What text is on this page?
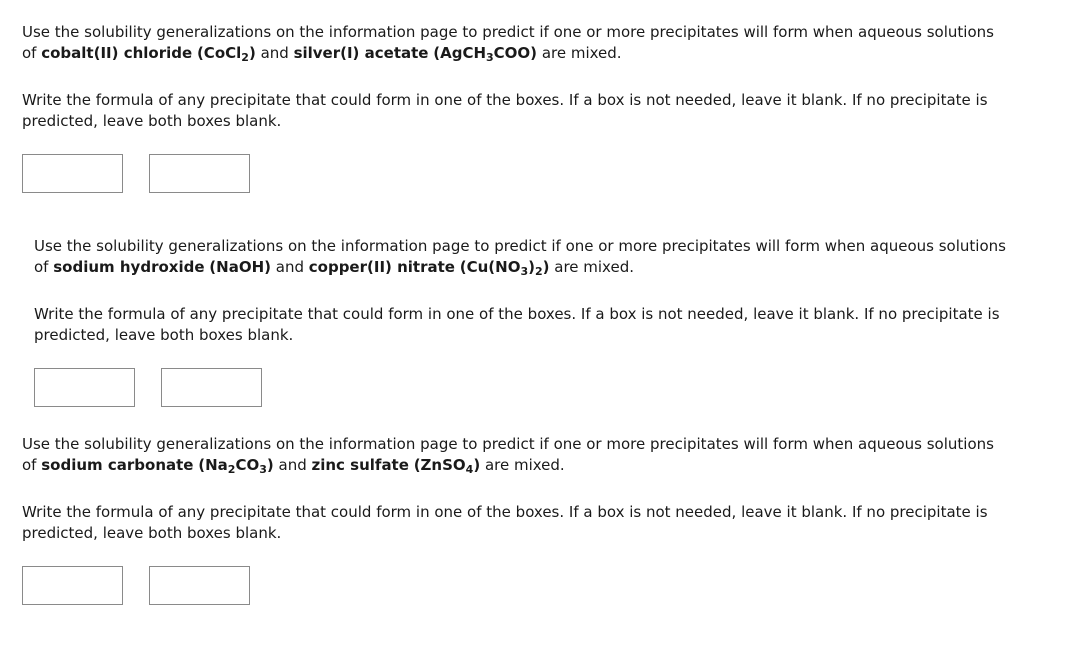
Use the solubility generalizations on the information page to predict if one or more precipitates will form when aqueous solutions of cobalt(II) chloride (CoCl$_2$) and silver(I) acetate (AgCH$_3$COO) are mixed.

Write the formula of any precipitate that could form in one of the boxes. If a box is not needed, leave it blank. If no precipitate is predicted, leave both boxes blank.

Use the solubility generalizations on the information page to predict if one or more precipitates will form when aqueous solutions of sodium hydroxide (NaOH) and copper(II) nitrate $(Cu(NO_3)_2)$ are mixed.

Write the formula of any precipitate that could form in one of the boxes. If a box is not needed, leave it blank. If no precipitate is predicted, leave both boxes blank.

Use the solubility generalizations on the information page to predict if one or more precipitates will form when aqueous solutions of sodium carbonate $(Na_2CO_3)$ and zinc sulfate (ZnSO$_4$) are mixed.

Write the formula of any precipitate that could form in one of the boxes. If a box is not needed, leave it blank. If no precipitate is predicted, leave both boxes blank.
